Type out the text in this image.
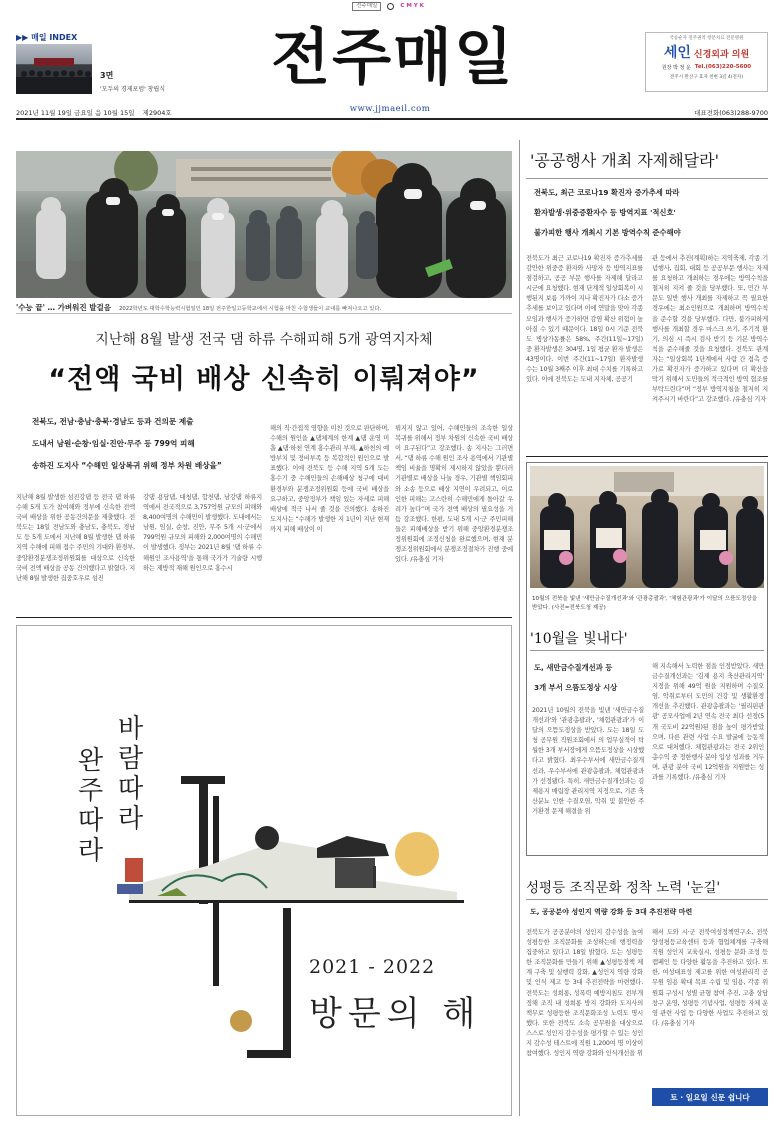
전주매일	C M Y K
▶▶ 매일 INDEX
3면
'모두의 경제포럼' 창립식 전주매일
www.jjmaeil.com
국승순자 전주권역 항문치료 전문병원
세인 신경외과 의원
원장 박 정 운 Tel.(063)220-5600
전주시 완산구 효자 천변 3길 4(전자)
2021년 11월 19일 금요일 음 10월 15일 제2904호	대표전화(063)288-9700
'수능 끝' … 가벼워진 발걸음 2022학년도 대학수학능력시험일인 18일 전주한일고등학교에서 시험을 마친 수험생들이 교내를 빠져나오고 있다.
지난해 8월 발생 전국 댐 하류 수해피해 5개 광역지자체
“전액 국비 배상 신속히 이뤄져야”
전북도, 전남·충남·충북·경남도 등과 건의문 제출
도내서 남원·순창·임실·진안·무주 등 799억 피해
송하진 도지사 “수해민 일상복귀 위해 정부 차원 배상을”
지난해 8월 발생한 섬진강댐 등 전국 댐 하류 수해 5개 도가 참여해와 정부에 신속한 전액 국비 배상을 위한 공동건의문을 제출했다. 전북도는 18일 전남도와 충남도, 충북도, 경남도 등 5개 도에서 지난해 8월 발생한 댐 하류 지역 수해에 피해 접수 주민의 기대와 환경부, 중앙환경분쟁조정위원회를 대상으로 신속한 국비 전액 배상을 공동 건의했다고 밝혔다. 지난해 8월 발생한 집중호우로 섬진
강댐 용담댐, 대청댐, 합천댐, 남강댐 하류지역에서 전국적으로 3,757억원 규모의 피해와 8,400여명의 수해민이 발생했다. 도내에서는 남원, 임실, 순창, 진안, 무주 5개 시·군에서 799억원 규모의 피해와 2,000여명의 수해민이 발생했다. 정부는 2021년 8월 '댐 하류 수해원인 조사용역'을 통해 국가가 기술량 시행하는 제방적 재해 원인으로 홍수시
해의 직·간접적 영향을 미친 것으로 판단하며, 수해의 원인을 ▲댐체계의 한계 ▲댐 운영 미흡 ▲댐·하천 연계 홍수관리 부재, ▲하천의 예방부치 및 정비부족 등 복합적인 원인으로 발표했다. 이에 전북도 등 수해 지역 5개 도는 홍수기 중 수해민들의 손해배상 청구에 대비 환경부와 분쟁조정위원회 등에 국비 배상을 요구하고, 중앙정부가 책임 있는 자세로 피해 배상에 적극 나서 줄 것을 건의했다. 송하진 도지사는 “수해가 발생한 지 1년이 지난 현재까지 피해 배상이 이
뤄지지 않고 있어, 수해민들의 조속한 일상 복귀를 위해서 정부 차원의 신속한 국비 배상이 요구된다”고 강조했다. 송 지사는 그러면서, “댐 하류 수해 원인 조사 용역에서 기관별 책임 비율을 명확히 제시하지 않았을 뿐더러 기관별로 배상을 나눌 경우, 기관별 책임회피와 소송 등으로 배상 지연이 우려되고, 이로 인한 피해는 고스란히 수해민에게 돌아갈 우려가 높다”며 국가 전액 배상의 필요성을 거듭 강조했다. 한편, 도내 5개 시·군 주민피해들은 피해배상을 받기 위해 중앙환경분쟁조정위원회에 조정신청을 완료했으며, 현재 분쟁조정위원회에서 분쟁조정절차가 진행 중에 있다. /유충심 기자
바람따라
완주따라
2021 - 2022
방문의 해
'공공행사 개최 자제해달라'
전북도, 최근 코로나19 확진자 증가추세 따라
환자발생·위중증환자수 등 방역지표 '적신호'
불가피한 행사 개최시 기본 방역수칙 준수해야
전북도가 최근 코로나19 확진자 증가추세를 감안한 위중증 환자와 사망자 등 방역지표를 점검하고, 공공 부문 행사를 자제해 달라고 시군에 요청했다. 현재 단계적 일상회복이 시행된지 보름 가까이 지나 확진자가 다소 증가 추세를 보이고 있다며 이에 연말을 맞아 각종 모임과 행사가 증가하면 감염 확산 위험이 높아질 수 있기 때문이다. 18일 0시 기준 전북도 병상가동률은 58%, 주간(11일~17일) 중 환자발생은 304명, 1일 평균 환자 발생은 43명이다. 이번 주간(11~17일) 환자발생 수는 10월 3째주 이후 최대 수치를 기록하고 있다. 이에 전북도는 도내 지자체, 공공기
관 등에서 추진(계획)하는 지역축제, 각종 기념행사, 집회, 대회 등 공공부문 행사는 자제를 요청하고 개최하는 경우에는 방역수칙을 철저히 지켜 줄 것을 당부했다. 또, 민간 부문도 일반 행사 개최를 자제하고 꼭 필요한 경우에는 최소인원으로 개최하며 방역수칙을 준수할 것을 당부했다. 다만, 불가피하게 행사를 개최할 경우 마스크 쓰기, 주기적 환기, 의심 시 즉시 검사 받기 등 기본 방역수칙을 준수해줄 것을 요청했다. 전북도 관계자는 “일상회복 1단계에서 사람 간 접촉 증가로 확진자가 증가하고 있다며 더 확산을 막기 위해서 도민들의 적극적인 방역 협조를 부탁드린다”며 “정부 방역지침을 철저히 지켜주시기 바란다”고 강조했다. /유충심 기자
10월의 전북을 빛낸 '새만금수질개선과'와 '관광총괄과', '체험관광과'가 이달의 으뜸도정상을 받았다. (사진=전북도청 제공)
'10월을 빛내다'
도, 새만금수질개선과 등
3개 부서 으뜸도정상 시상
2021년 10월의 전북을 빛낸 '새만금수질개선과'와 '관광총괄과', '체험관광과'가 이달의 으뜸도정상을 받았다. 도는 18일 도청 공무원 직원조회에서 의 업무실적이 탁월한 3개 부서장에게 으뜸도정상을 시상했다고 밝혔다. 최우수부서에 새만금수질개선과, 우수부서에 관광총괄과, 체험관광과가 선정됐다. 특히, 새만금수질개선과는 김제용지 매립장 관리지역 지정으로, 기존 축산분뇨 인한 수질오염, 악취 및 불안한 주거환경 문제 해결을 위
해 지속해서 노력한 점을 인정받았다. 새만금수질개선과는 '김제 용지 축산관리지역' 지정을 위해 49억 원을 지원하며 수질오염, 악취로부터 도민의 건강 및 생활환경 개선을 추진했다. 관광총괄과는 '필리핀관광' 공모사업에 2년 연속 전국 최다 선정(5개 국도비 22억원)된 점을 높이 평가받았으며, 다른 관련 사업 수요 발굴에 능동적으로 대처했다. 체험관광과는 전국 2위인 총수익 중 정한행사 분야 입상 성과를 거두며, 관광 분야 국비 12억원을 지원받는 성과를 기록했다. /유충심 기자
성평등 조직문화 정착 노력 '눈길'
도, 공공분야 성인지 역량 강화 등 3대 추진전략 마련
전북도가 공공분야의 성인지 감수성을 높여 성평등한 조직문화를 조성하는데 행정력을 집중하고 있다고 18일 밝혔다. 도는 성평등한 조직문화를 만들기 위해 ▲성평등정책 체계 구축 및 실행력 강화, ▲성인지 역량 강화 및 인식 제고 등 3대 추진전략을 마련했다. 전북도는 성희롱, 성폭력 예방지침도 전부개정해 조직 내 성희롱 방지 강화와 도지사의 책무로 성평등한 조직문화조성 노력도 명시했다. 또한 전북도 소속 공무원을 대상으로 스스로 성인지 감수성을 평가할 수 있는 성인지 감수성 테스트에 직원 1,200여 명 이상이 참여했다. 성인지 역량 강화와 인식개선을 위
해서 도와 시·군 전북여성정책연구소, 전북양성평등교육센터 등과 협업체계를 구축해 직원 성인지 교육실시, 성평등 문화 조성 등 캠페인 등 다양한 활동을 추진하고 있다. 또한, 여성대표성 제고를 위한 여성관리직 공무원 임용 확대 목표 수립 및 임용, 각종 위원회 구성시 성별 균형 참여 추진, 고충 상담 창구 운영, 성평등 기념사업, 성평등 자체 운영 관련 사업 등 다양한 사업도 추진하고 있다. /유충심 기자
토 · 일요일 신문 쉽니다
